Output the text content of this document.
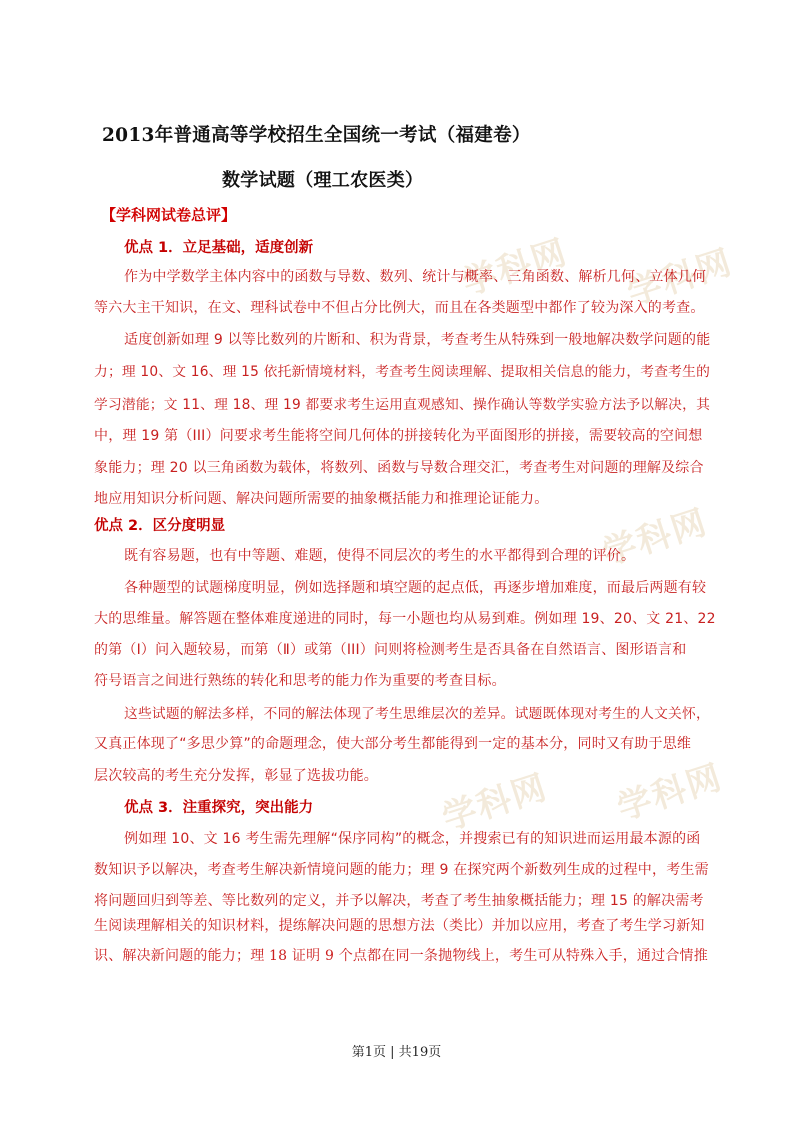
学科网 学科网
学科网
学科网 学科网
2013年普通高等学校招生全国统一考试（福建卷）
数学试题（理工农医类）
【学科网试卷总评】
优点 1．立足基础，适度创新
作为中学数学主体内容中的函数与导数、数列、统计与概率、三角函数、解析几何、立体几何
等六大主干知识，在文、理科试卷中不但占分比例大，而且在各类题型中都作了较为深入的考查。
适度创新如理 9 以等比数列的片断和、积为背景，考查考生从特殊到一般地解决数学问题的能
力；理 10、文 16、理 15 依托新情境材料，考查考生阅读理解、提取相关信息的能力，考查考生的
学习潜能；文 11、理 18、理 19 都要求考生运用直观感知、操作确认等数学实验方法予以解决，其
中，理 19 第（III）问要求考生能将空间几何体的拼接转化为平面图形的拼接，需要较高的空间想
象能力；理 20 以三角函数为载体，将数列、函数与导数合理交汇，考查考生对问题的理解及综合
地应用知识分析问题、解决问题所需要的抽象概括能力和推理论证能力。
优点 2．区分度明显
既有容易题，也有中等题、难题，使得不同层次的考生的水平都得到合理的评价。
各种题型的试题梯度明显，例如选择题和填空题的起点低，再逐步增加难度，而最后两题有较
大的思维量。解答题在整体难度递进的同时，每一小题也均从易到难。例如理 19、20、文 21、22
的第（Ⅰ）问入题较易，而第（Ⅱ）或第（III）问则将检测考生是否具备在自然语言、图形语言和
符号语言之间进行熟练的转化和思考的能力作为重要的考查目标。
这些试题的解法多样，不同的解法体现了考生思维层次的差异。试题既体现对考生的人文关怀，
又真正体现了“多思少算”的命题理念，使大部分考生都能得到一定的基本分，同时又有助于思维
层次较高的考生充分发挥，彰显了选拔功能。
优点 3．注重探究，突出能力
例如理 10、文 16 考生需先理解“保序同构”的概念，并搜索已有的知识进而运用最本源的函
数知识予以解决，考查考生解决新情境问题的能力；理 9 在探究两个新数列生成的过程中，考生需
将问题回归到等差、等比数列的定义，并予以解决，考查了考生抽象概括能力；理 15 的解决需考
生阅读理解相关的知识材料，提练解决问题的思想方法（类比）并加以应用，考查了考生学习新知
识、解决新问题的能力；理 18 证明 9 个点都在同一条抛物线上，考生可从特殊入手，通过合情推
第1页 | 共19页
